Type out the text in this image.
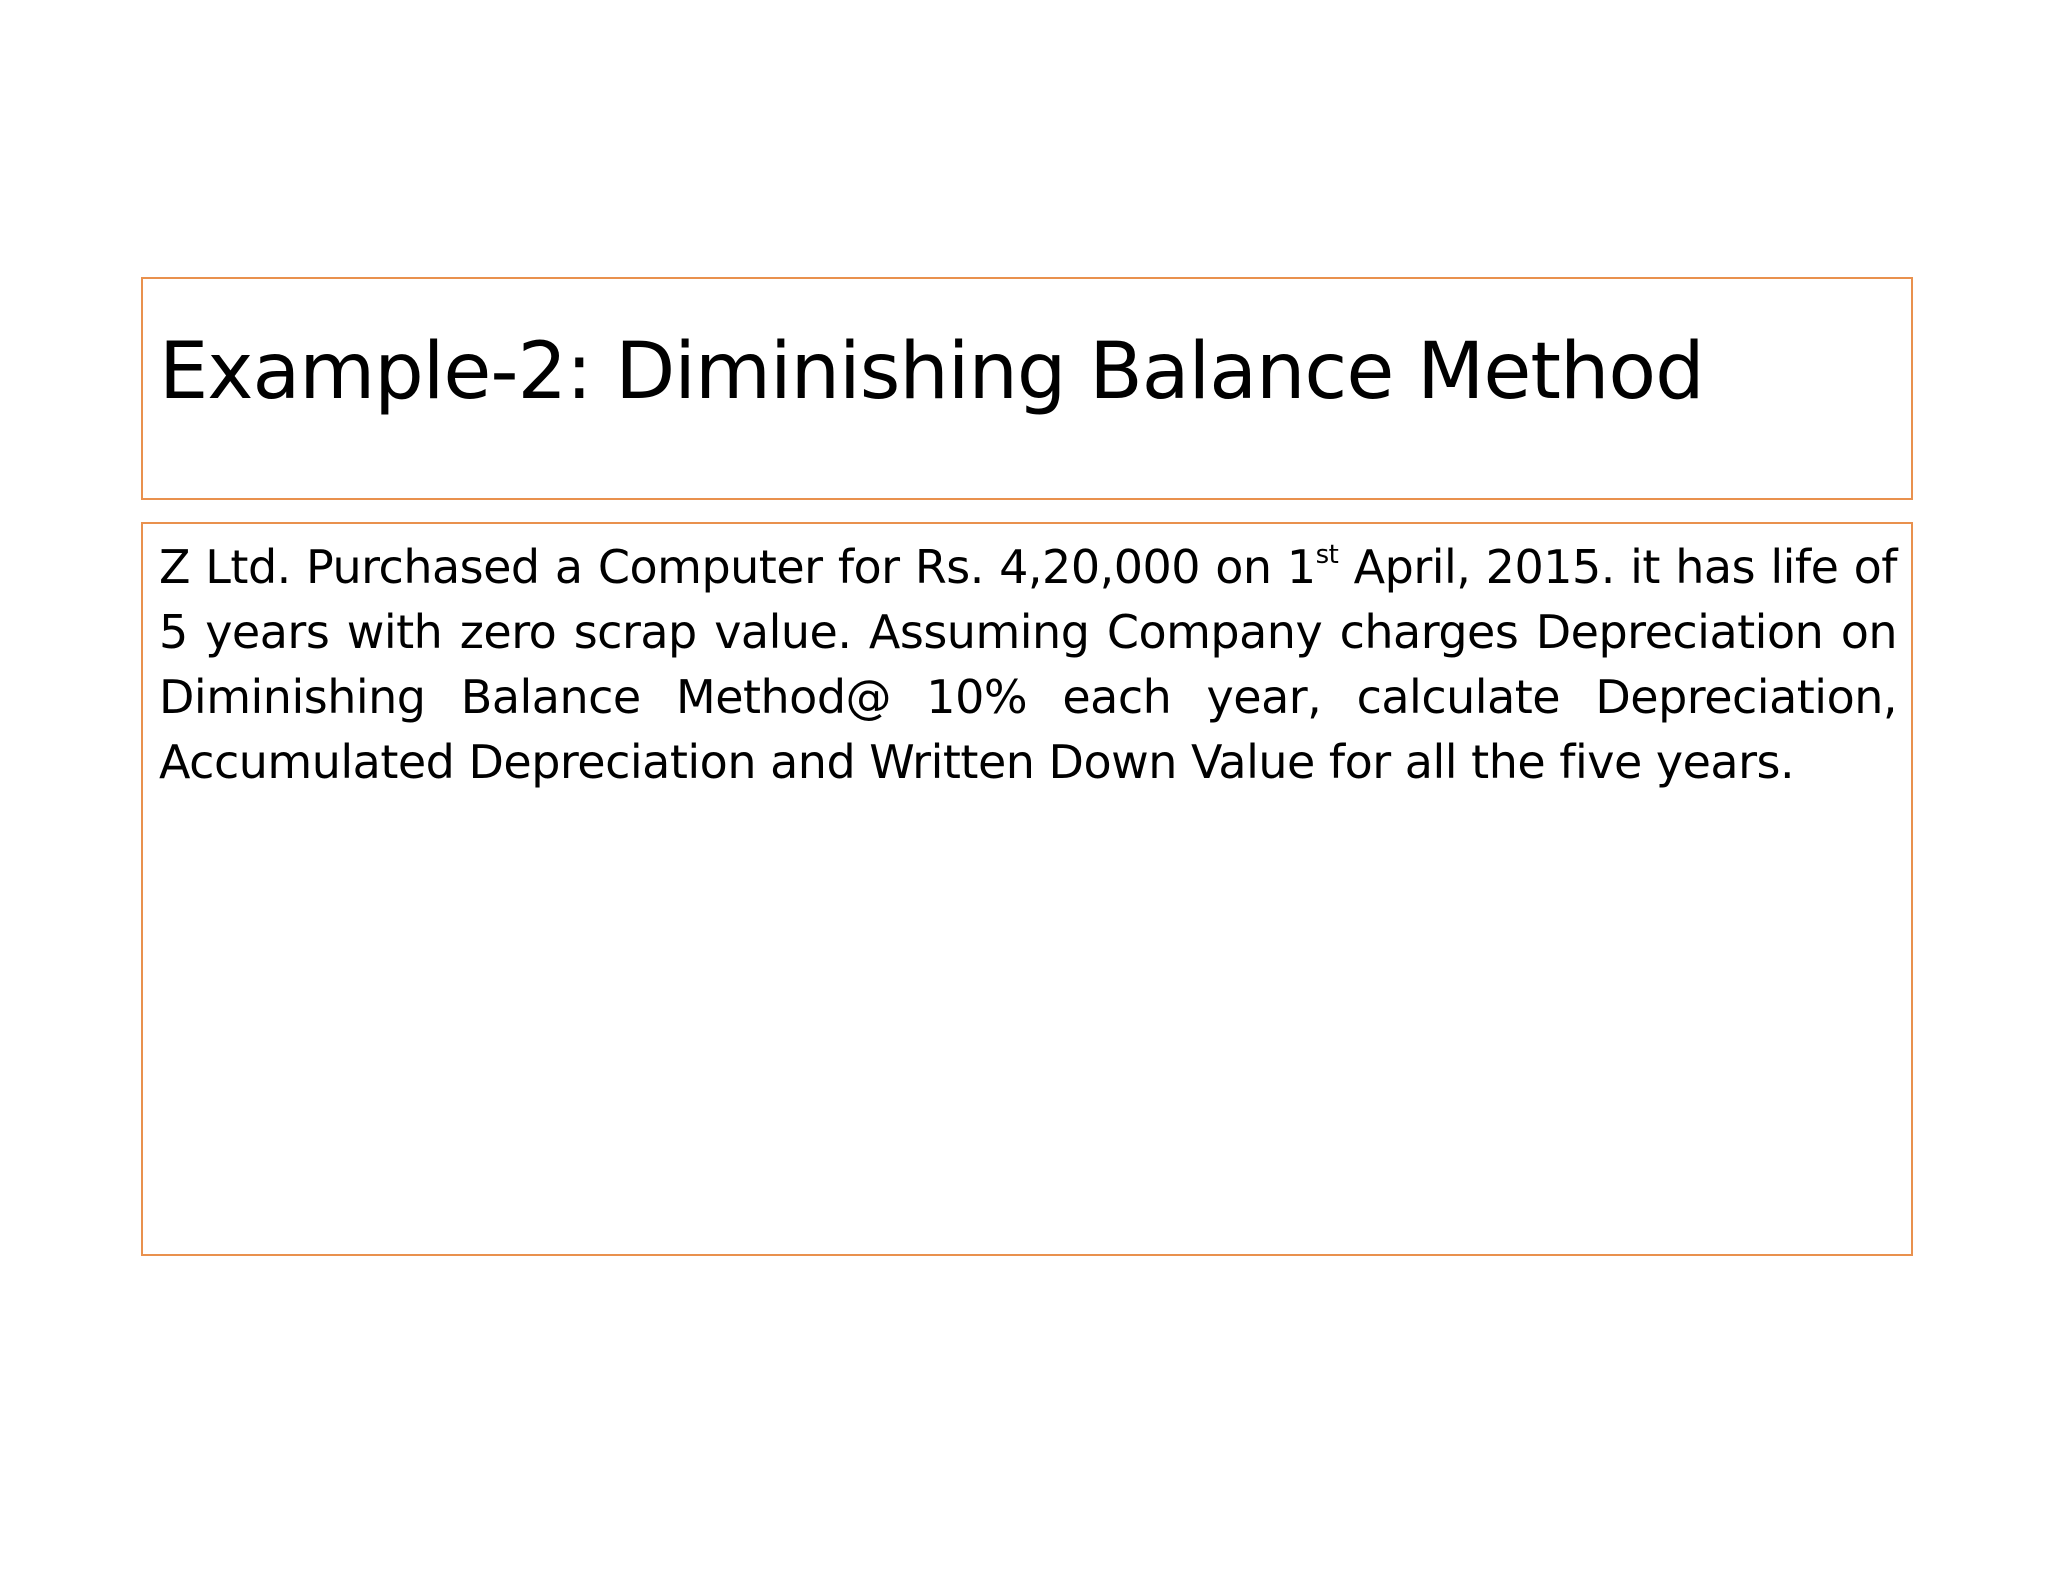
Example-2: Diminishing Balance Method

Z Ltd. Purchased a Computer for Rs. 4,20,000 on 1st April, 2015. it has life of 5 years with zero scrap value. Assuming Company charges Depreciation on Diminishing Balance Method@ 10% each year, calculate Depreciation, Accumulated Depreciation and Written Down Value for all the five years.
